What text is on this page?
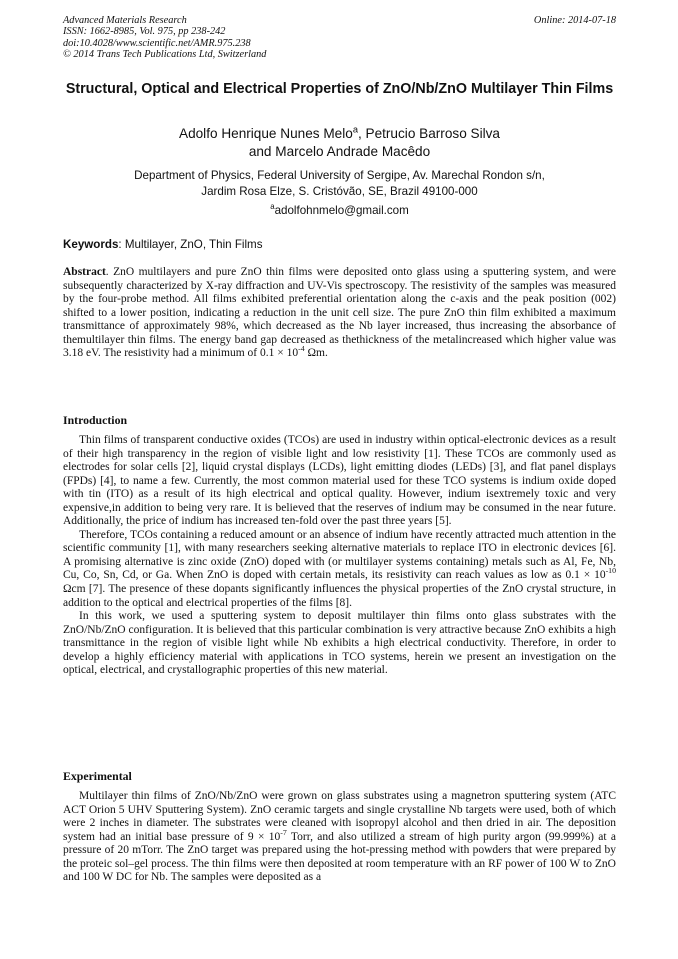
Advanced Materials Research
ISSN: 1662-8985, Vol. 975, pp 238-242
doi:10.4028/www.scientific.net/AMR.975.238
© 2014 Trans Tech Publications Ltd, Switzerland
Online: 2014-07-18
Structural, Optical and Electrical Properties of ZnO/Nb/ZnO Multilayer Thin Films
Adolfo Henrique Nunes Melo$^a$, Petrucio Barroso Silva
and Marcelo Andrade Macêdo
Department of Physics, Federal University of Sergipe, Av. Marechal Rondon s/n,
Jardim Rosa Elze, S. Cristóvão, SE, Brazil 49100-000
$^a$adolfohnmelo@gmail.com
Keywords: Multilayer, ZnO, Thin Films

Abstract. ZnO multilayers and pure ZnO thin films were deposited onto glass using a sputtering system, and were subsequently characterized by X-ray diffraction and UV-Vis spectroscopy. The resistivity of the samples was measured by the four-probe method. All films exhibited preferential orientation along the c-axis and the peak position (002) shifted to a lower position, indicating a reduction in the unit cell size. The pure ZnO thin film exhibited a maximum transmittance of approximately 98%, which decreased as the Nb layer increased, thus increasing the absorbance of themultilayer thin films. The energy band gap decreased as thethickness of the metalincreased which higher value was 3.18 eV. The resistivity had a minimum of $0.1 \times 10^{-4}$ Ωm.

Introduction
Thin films of transparent conductive oxides (TCOs) are used in industry within optical-electronic devices as a result of their high transparency in the region of visible light and low resistivity [1]. These TCOs are commonly used as electrodes for solar cells [2], liquid crystal displays (LCDs), light emitting diodes (LEDs) [3], and flat panel displays (FPDs) [4], to name a few. Currently, the most common material used for these TCO systems is indium oxide doped with tin (ITO) as a result of its high electrical and optical quality. However, indium isextremely toxic and very expensive,in addition to being very rare. It is believed that the reserves of indium may be consumed in the near future. Additionally, the price of indium has increased ten-fold over the past three years [5].
Therefore, TCOs containing a reduced amount or an absence of indium have recently attracted much attention in the scientific community [1], with many researchers seeking alternative materials to replace ITO in electronic devices [6]. A promising alternative is zinc oxide (ZnO) doped with (or multilayer systems containing) metals such as Al, Fe, Nb, Cu, Co, Sn, Cd, or Ga. When ZnO is doped with certain metals, its resistivity can reach values as low as $0.1 \times 10^{-10}$ Ωcm [7]. The presence of these dopants significantly influences the physical properties of the ZnO crystal structure, in addition to the optical and electrical properties of the films [8].
In this work, we used a sputtering system to deposit multilayer thin films onto glass substrates with the ZnO/Nb/ZnO configuration. It is believed that this particular combination is very attractive because ZnO exhibits a high transmittance in the region of visible light while Nb exhibits a high electrical conductivity. Therefore, in order to develop a highly efficiency material with applications in TCO systems, herein we present an investigation on the optical, electrical, and crystallographic properties of this new material.
Experimental
Multilayer thin films of ZnO/Nb/ZnO were grown on glass substrates using a magnetron sputtering system (ATC ACT Orion 5 UHV Sputtering System). ZnO ceramic targets and single crystalline Nb targets were used, both of which were 2 inches in diameter. The substrates were cleaned with isopropyl alcohol and then dried in air. The deposition system had an initial base pressure of $9 \times 10^{-7}$ Torr, and also utilized a stream of high purity argon (99.999%) at a pressure of 20 mTorr. The ZnO target was prepared using the hot-pressing method with powders that were prepared by the proteic sol–gel process. The thin films were then deposited at room temperature with an RF power of 100 W to ZnO and 100 W DC for Nb. The samples were deposited as a
